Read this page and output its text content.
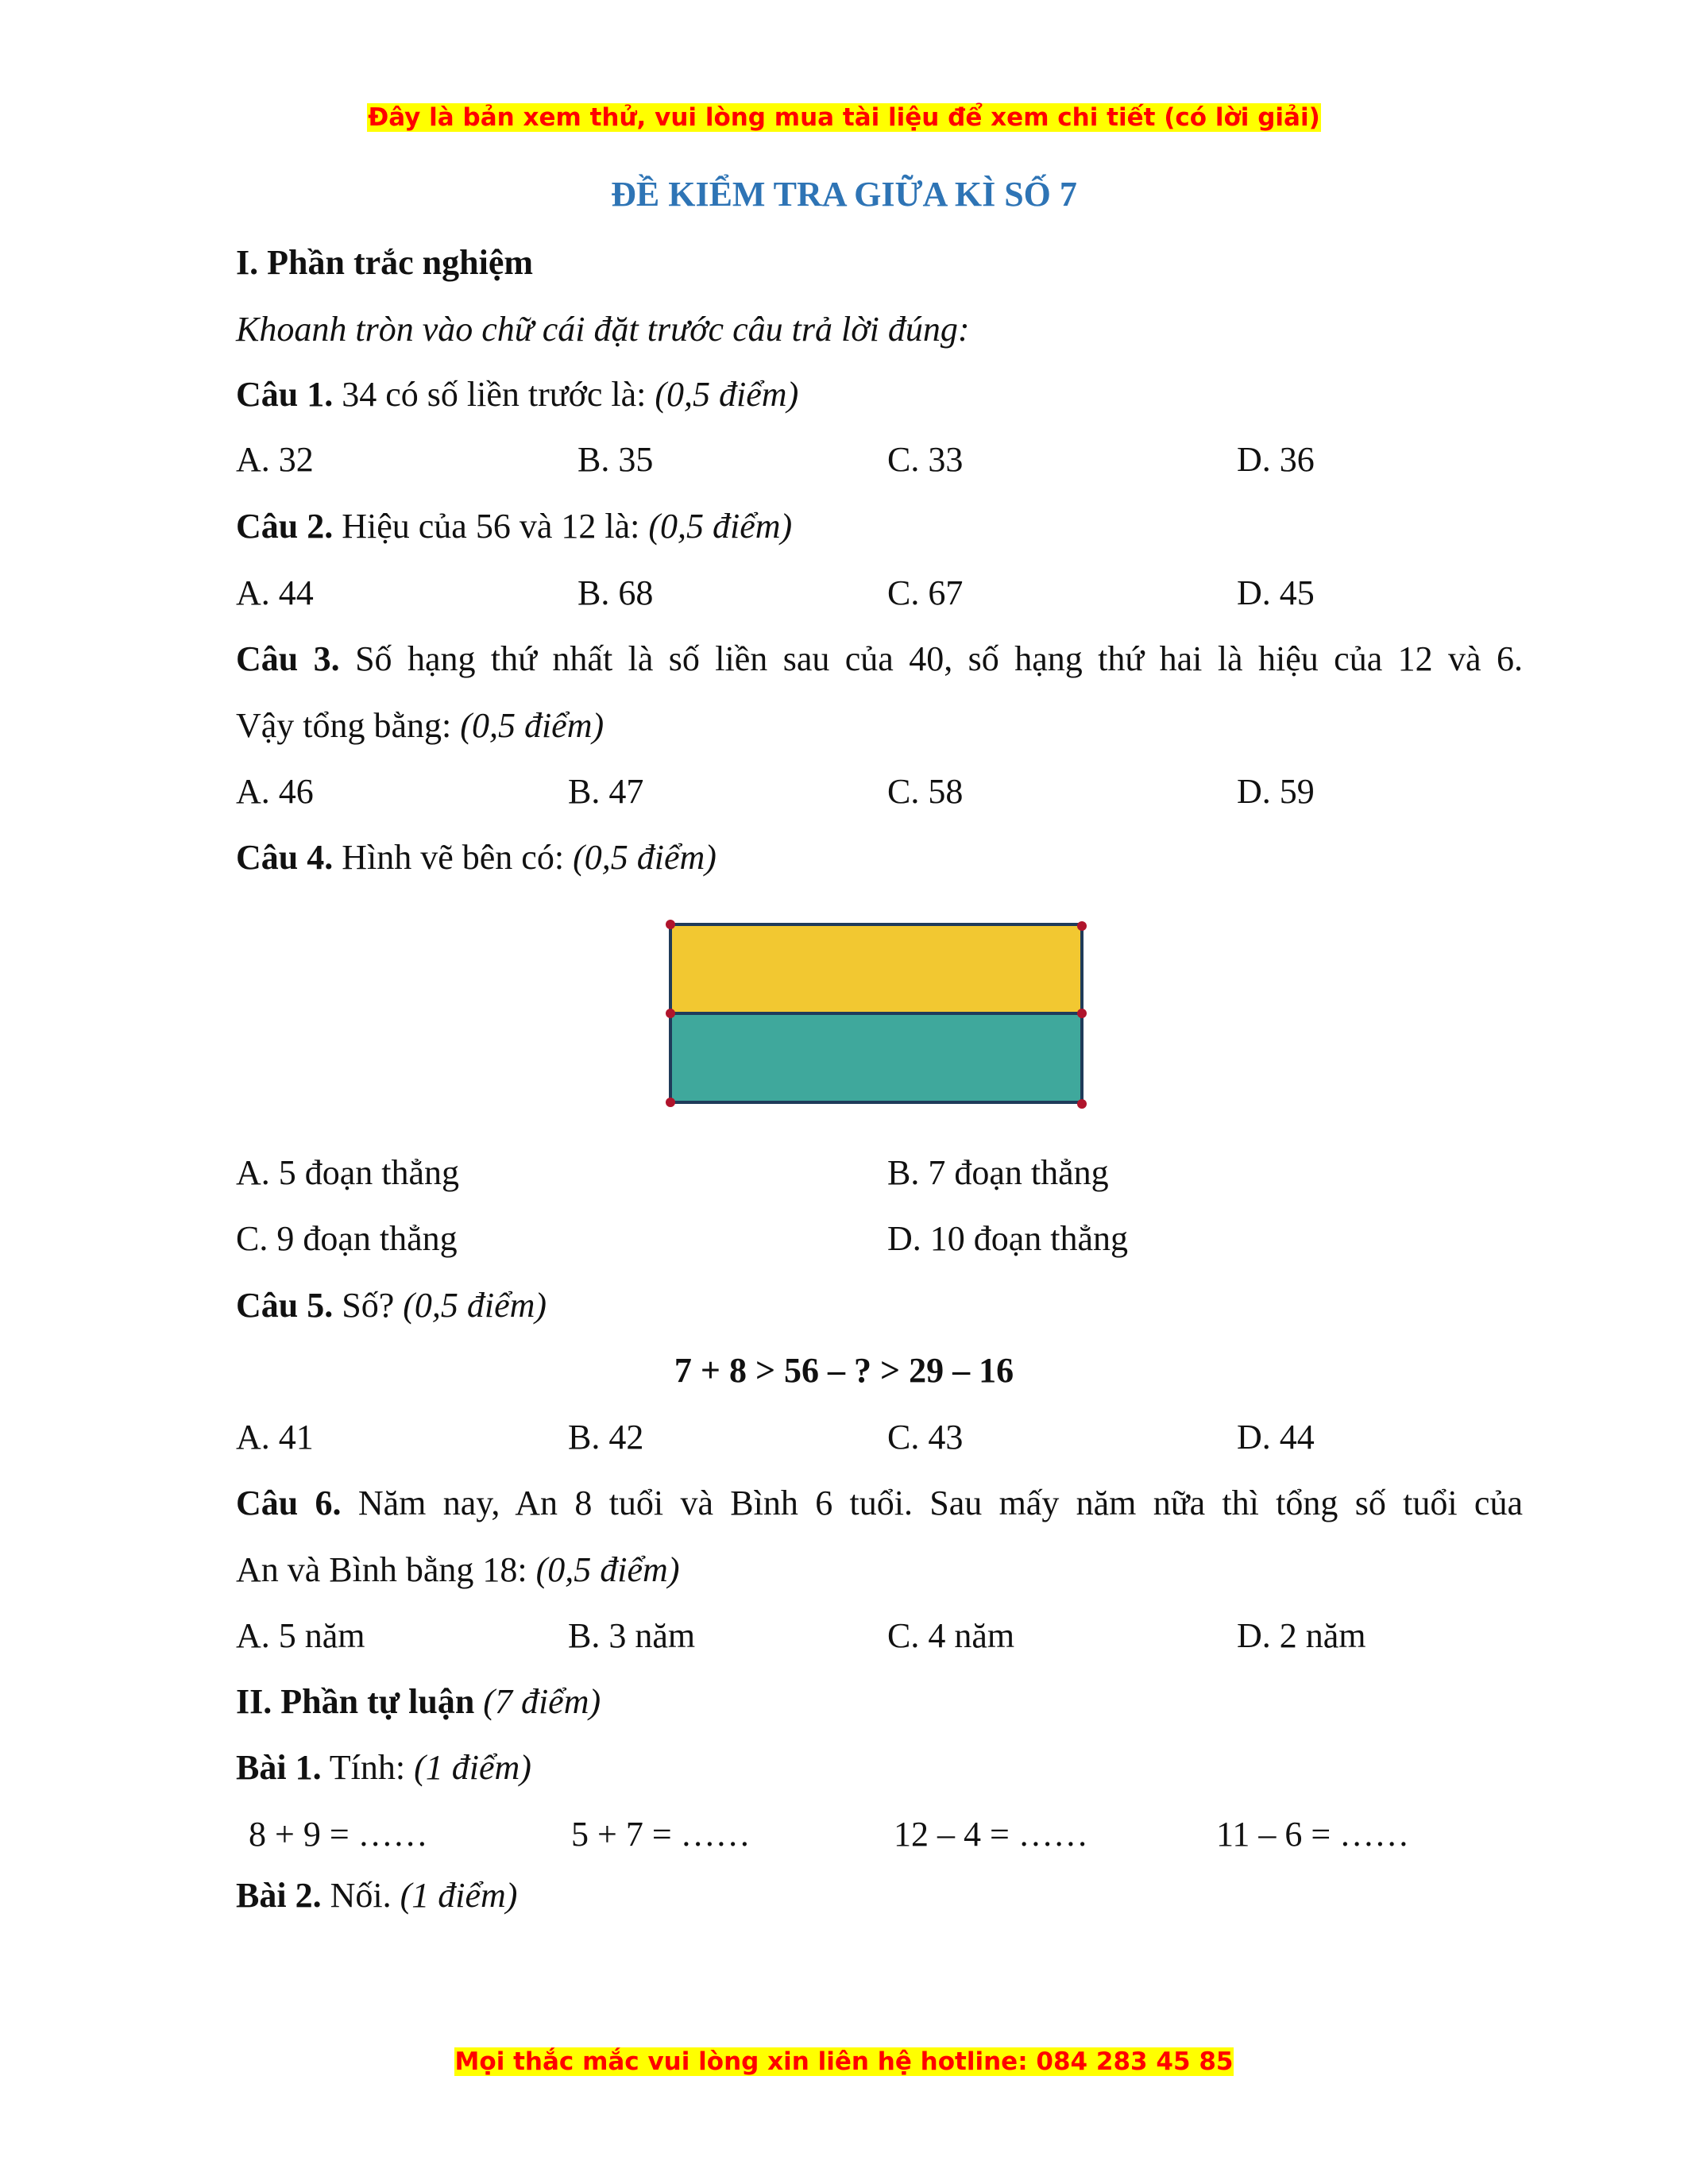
Đây là bản xem thử, vui lòng mua tài liệu để xem chi tiết (có lời giải)
ĐỀ KIỂM TRA GIỮA KÌ SỐ 7
I. Phần trắc nghiệm
Khoanh tròn vào chữ cái đặt trước câu trả lời đúng:
Câu 1. 34 có số liền trước là: (0,5 điểm)
A. 32	B. 35	C. 33	D. 36
Câu 2. Hiệu của 56 và 12 là: (0,5 điểm)
A. 44	B. 68	C. 67	D. 45
Câu 3. Số hạng thứ nhất là số liền sau của 40, số hạng thứ hai là hiệu của 12 và 6.
Vậy tổng bằng: (0,5 điểm)
A. 46	B. 47	C. 58	D. 59
Câu 4. Hình vẽ bên có: (0,5 điểm)
A. 5 đoạn thẳng	B. 7 đoạn thẳng
C. 9 đoạn thẳng	D. 10 đoạn thẳng
Câu 5. Số? (0,5 điểm)
7 + 8 > 56 – ? > 29 – 16
A. 41	B. 42	C. 43	D. 44
Câu 6. Năm nay, An 8 tuổi và Bình 6 tuổi. Sau mấy năm nữa thì tổng số tuổi của
An và Bình bằng 18: (0,5 điểm)
A. 5 năm	B. 3 năm	C. 4 năm	D. 2 năm
II. Phần tự luận (7 điểm)
Bài 1. Tính: (1 điểm)
8 + 9 = ……	5 + 7 = ……	12 – 4 = ……	11 – 6 = ……
Bài 2. Nối. (1 điểm)
Mọi thắc mắc vui lòng xin liên hệ hotline: 084 283 45 85
